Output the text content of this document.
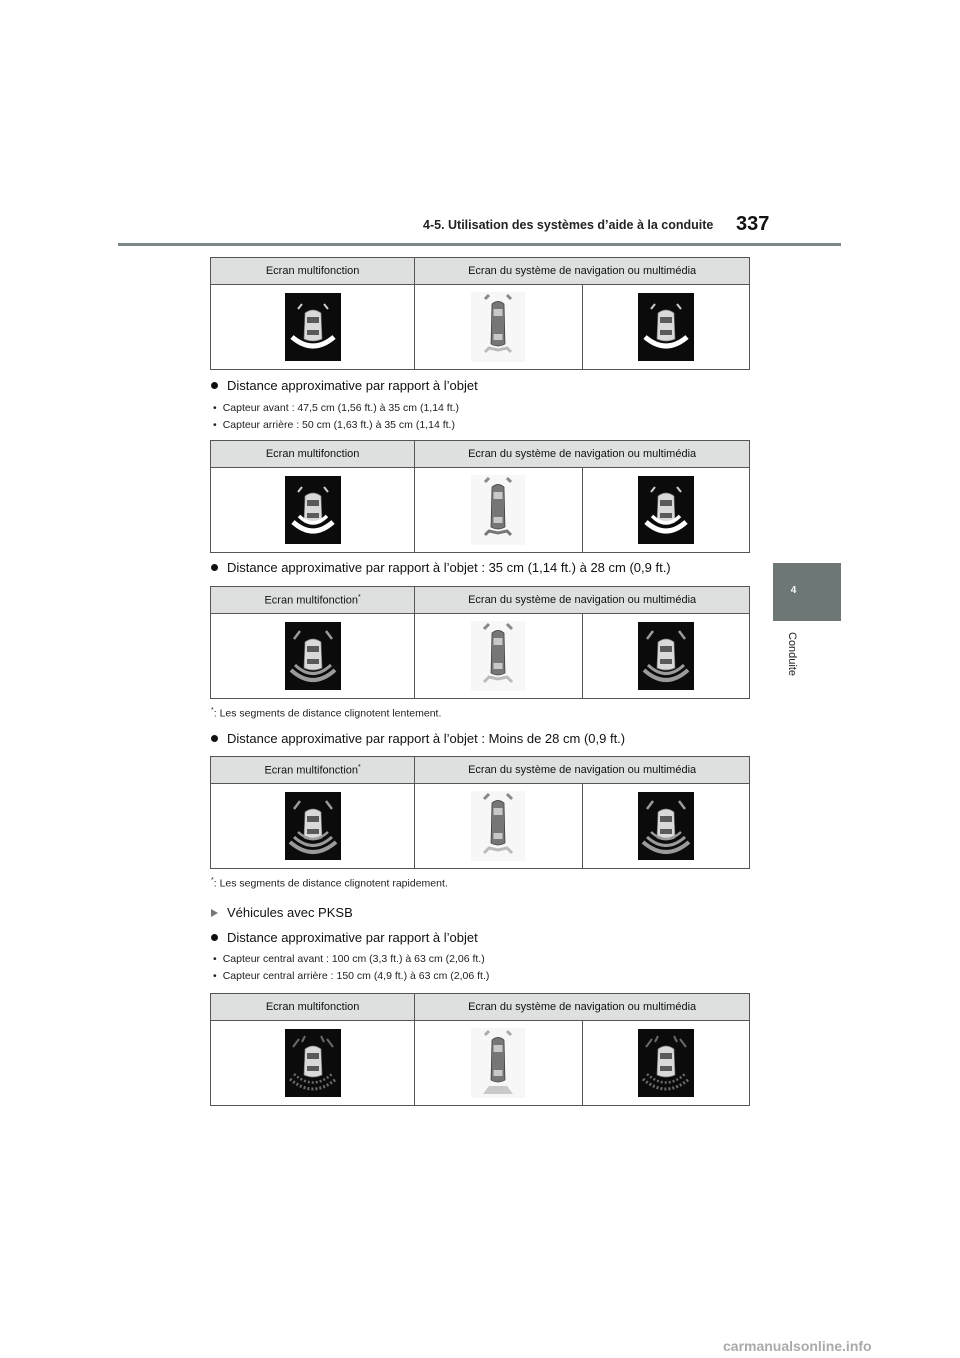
4-5. Utilisation des systèmes d’aide à la conduite 337
4
Conduite
Ecran multifonction	Ecran du système de navigation ou multimédia	

Distance approximative par rapport à l’objet
• Capteur avant : 47,5 cm (1,56 ft.) à 35 cm (1,14 ft.)
• Capteur arrière : 50 cm (1,63 ft.) à 35 cm (1,14 ft.)
Ecran multifonction	Ecran du système de navigation ou multimédia	

Distance approximative par rapport à l’objet : 35 cm (1,14 ft.) à 28 cm (0,9 ft.)
Ecran multifonction*	Ecran du système de navigation ou multimédia	

*: Les segments de distance clignotent lentement.
Distance approximative par rapport à l’objet : Moins de 28 cm (0,9 ft.)
Ecran multifonction*	Ecran du système de navigation ou multimédia	

*: Les segments de distance clignotent rapidement.
Véhicules avec PKSB
Distance approximative par rapport à l’objet
• Capteur central avant : 100 cm (3,3 ft.) à 63 cm (2,06 ft.)
• Capteur central arrière : 150 cm (4,9 ft.) à 63 cm (2,06 ft.)
Ecran multifonction	Ecran du système de navigation ou multimédia	

carmanualsonline.info
